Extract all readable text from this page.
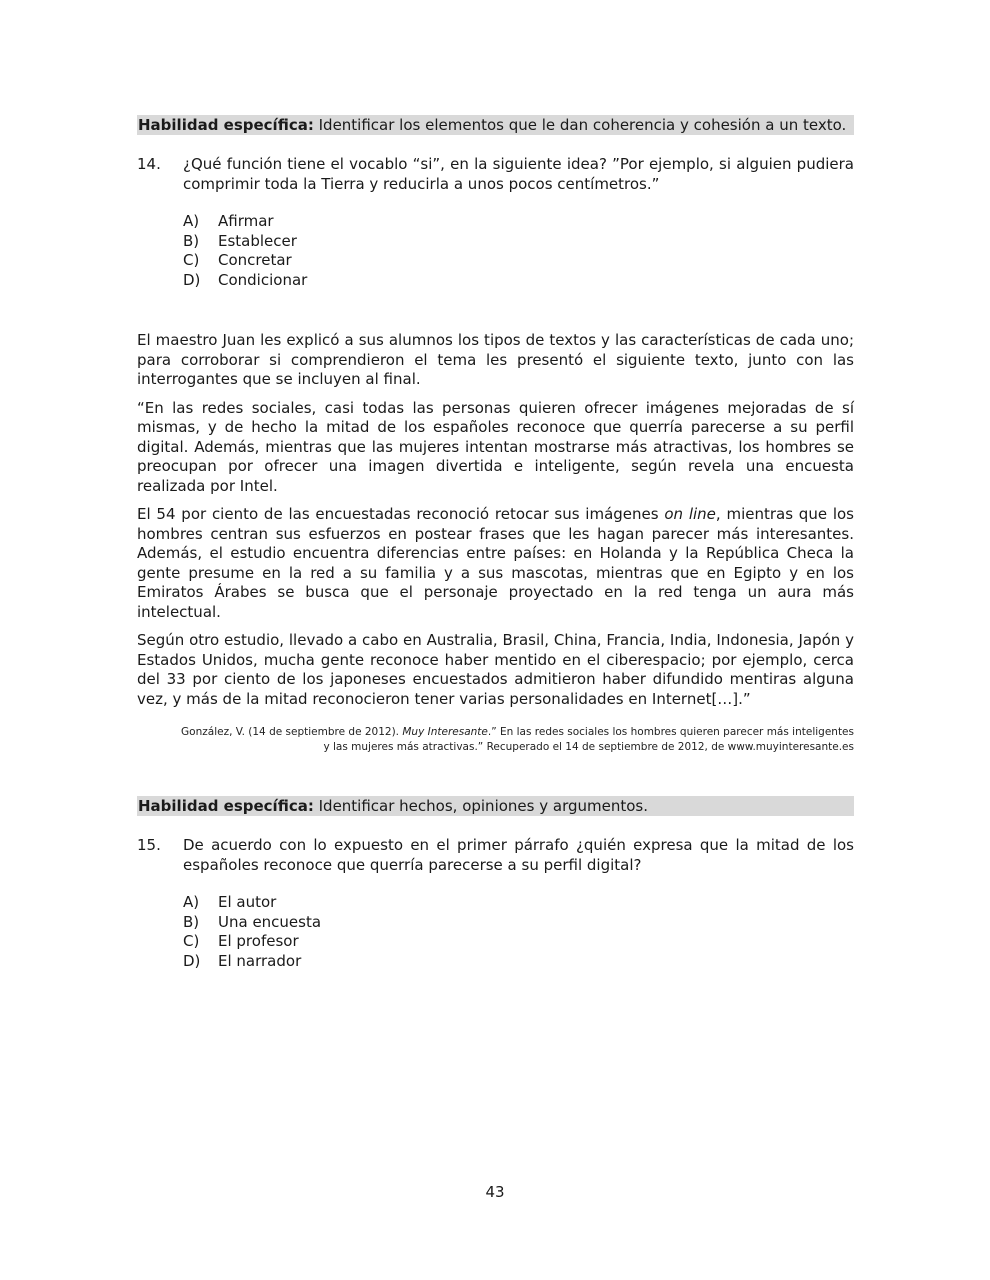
Habilidad específica: Identificar los elementos que le dan coherencia y cohesión a un texto.
14.	¿Qué función tiene el vocablo “si”, en la siguiente idea? ”Por ejemplo, si alguien pudiera comprimir toda la Tierra y reducirla a unos pocos centímetros.”
A)	Afirmar
B)	Establecer
C)	Concretar
D)	Condicionar

El maestro Juan les explicó a sus alumnos los tipos de textos y las características de cada uno; para corroborar si comprendieron el tema les presentó el siguiente texto, junto con las interrogantes que se incluyen al final.

“En las redes sociales, casi todas las personas quieren ofrecer imágenes mejoradas de sí mismas, y de hecho la mitad de los españoles reconoce que querría parecerse a su perfil digital. Además, mientras que las mujeres intentan mostrarse más atractivas, los hombres se preocupan por ofrecer una imagen divertida e inteligente, según revela una encuesta realizada por Intel.

El 54 por ciento de las encuestadas reconoció retocar sus imágenes on line, mientras que los hombres centran sus esfuerzos en postear frases que les hagan parecer más interesantes. Además, el estudio encuentra diferencias entre países: en Holanda y la República Checa la gente presume en la red a su familia y a sus mascotas, mientras que en Egipto y en los Emiratos Árabes se busca que el personaje proyectado en la red tenga un aura más intelectual.

Según otro estudio, llevado a cabo en Australia, Brasil, China, Francia, India, Indonesia, Japón y Estados Unidos, mucha gente reconoce haber mentido en el ciberespacio; por ejemplo, cerca del 33 por ciento de los japoneses encuestados admitieron haber difundido mentiras alguna vez, y más de la mitad reconocieron tener varias personalidades en Internet[…].”

González, V. (14 de septiembre de 2012). Muy Interesante.” En las redes sociales los hombres quieren parecer más inteligentes
y las mujeres más atractivas.” Recuperado el 14 de septiembre de 2012, de www.muyinteresante.es
Habilidad específica: Identificar hechos, opiniones y argumentos.
15.	De acuerdo con lo expuesto en el primer párrafo ¿quién expresa que la mitad de los españoles reconoce que querría parecerse a su perfil digital?
A)	El autor
B)	Una encuesta
C)	El profesor
D)	El narrador
43
